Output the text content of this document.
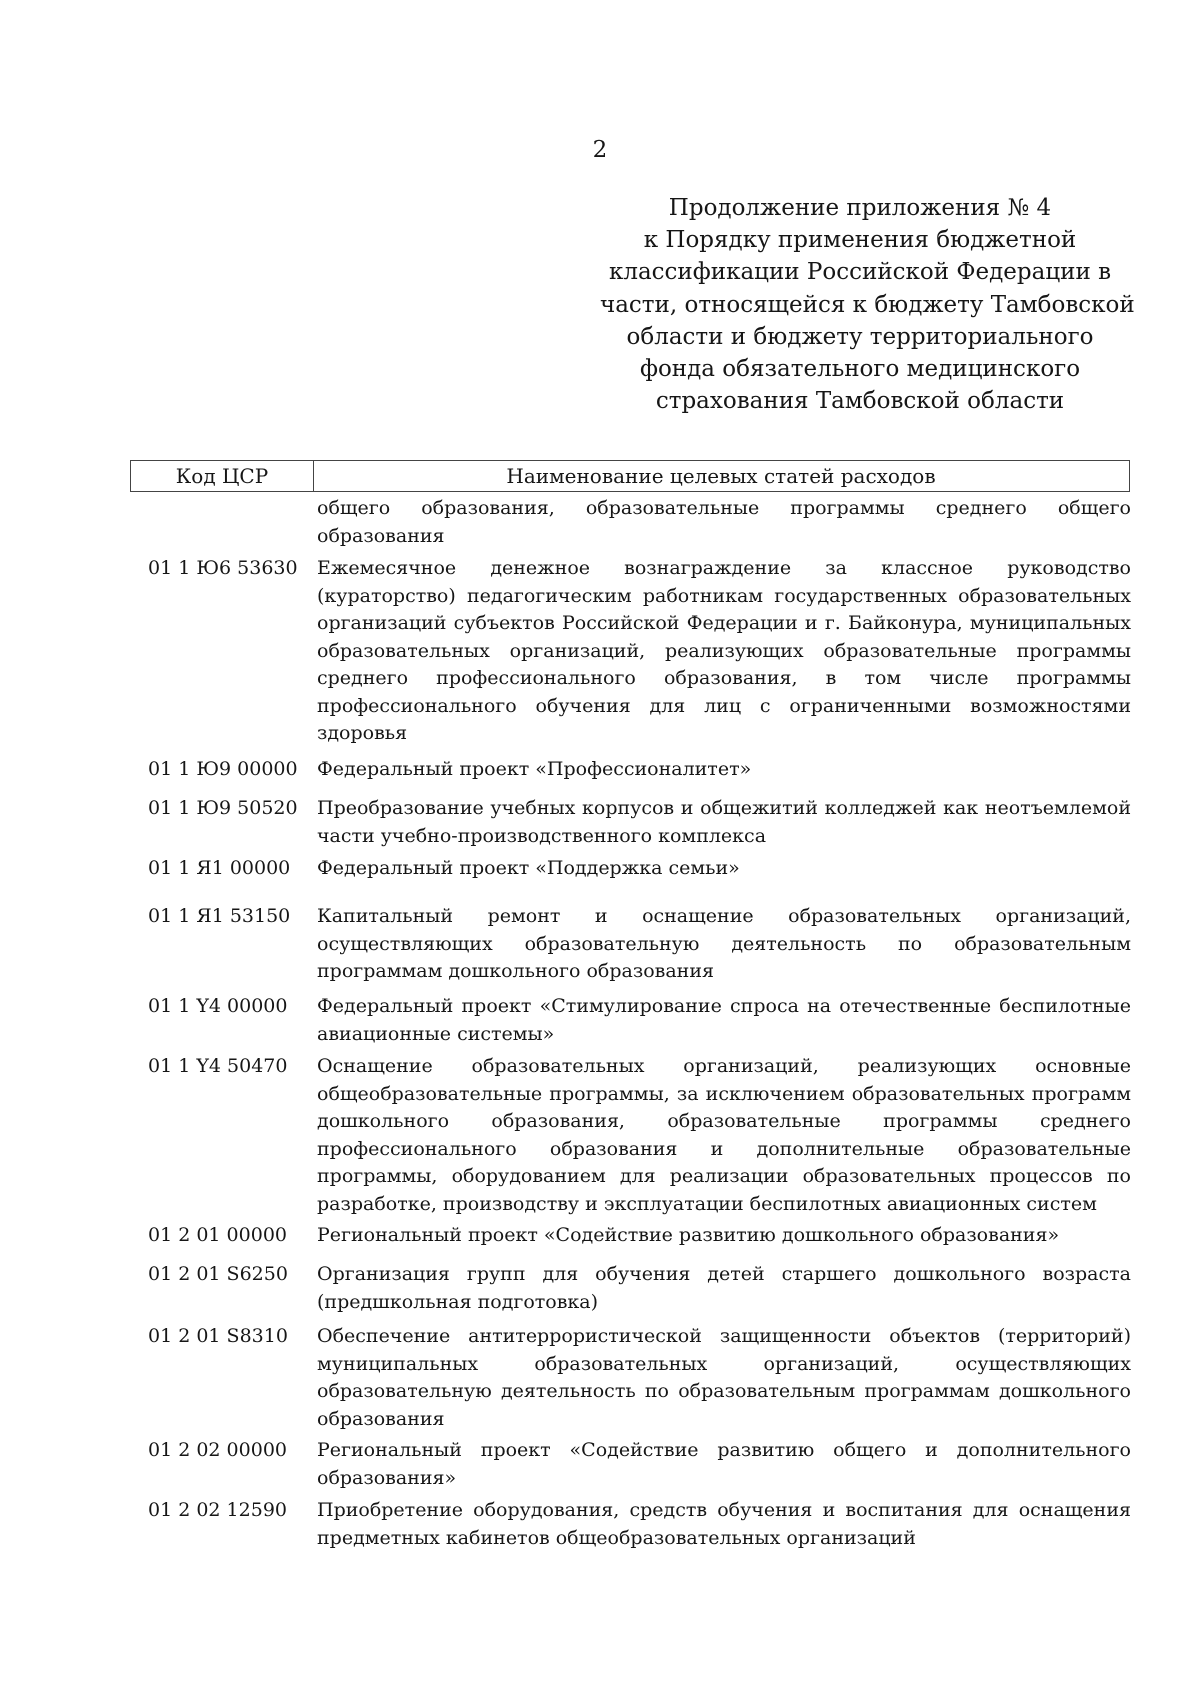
2
Продолжение приложения № 4
к Порядку применения бюджетной
классификации Российской Федерации в
части, относящейся к бюджету Тамбовской
области и бюджету территориального
фонда обязательного медицинского
страхования Тамбовской области
Код ЦСР	Наименование целевых статей расходов
общего образования, образовательные программы среднего общего образования
01 1 Ю6 53630 Ежемесячное денежное вознаграждение за классное руководство (кураторство) педагогическим работникам государственных образовательных организаций субъектов Российской Федерации и г. Байконура, муниципальных образовательных организаций, реализующих образовательные программы среднего профессионального образования, в том числе программы профессионального обучения для лиц с ограниченными возможностями здоровья
01 1 Ю9 00000 Федеральный проект «Профессионалитет»
01 1 Ю9 50520 Преобразование учебных корпусов и общежитий колледжей как неотъемлемой части учебно-производственного комплекса
01 1 Я1 00000 Федеральный проект «Поддержка семьи»
01 1 Я1 53150 Капитальный ремонт и оснащение образовательных организаций, осуществляющих образовательную деятельность по образовательным программам дошкольного образования
01 1 Y4 00000 Федеральный проект «Стимулирование спроса на отечественные беспилотные авиационные системы»
01 1 Y4 50470 Оснащение образовательных организаций, реализующих основные общеобразовательные программы, за исключением образовательных программ дошкольного образования, образовательные программы среднего профессионального образования и дополнительные образовательные программы, оборудованием для реализации образовательных процессов по разработке, производству и эксплуатации беспилотных авиационных систем
01 2 01 00000 Региональный проект «Содействие развитию дошкольного образования»
01 2 01 S6250 Организация групп для обучения детей старшего дошкольного возраста (предшкольная подготовка)
01 2 01 S8310 Обеспечение антитеррористической защищенности объектов (территорий) муниципальных образовательных организаций, осуществляющих образовательную деятельность по образовательным программам дошкольного образования
01 2 02 00000 Региональный проект «Содействие развитию общего и дополнительного образования»
01 2 02 12590 Приобретение оборудования, средств обучения и воспитания для оснащения предметных кабинетов общеобразовательных организаций
